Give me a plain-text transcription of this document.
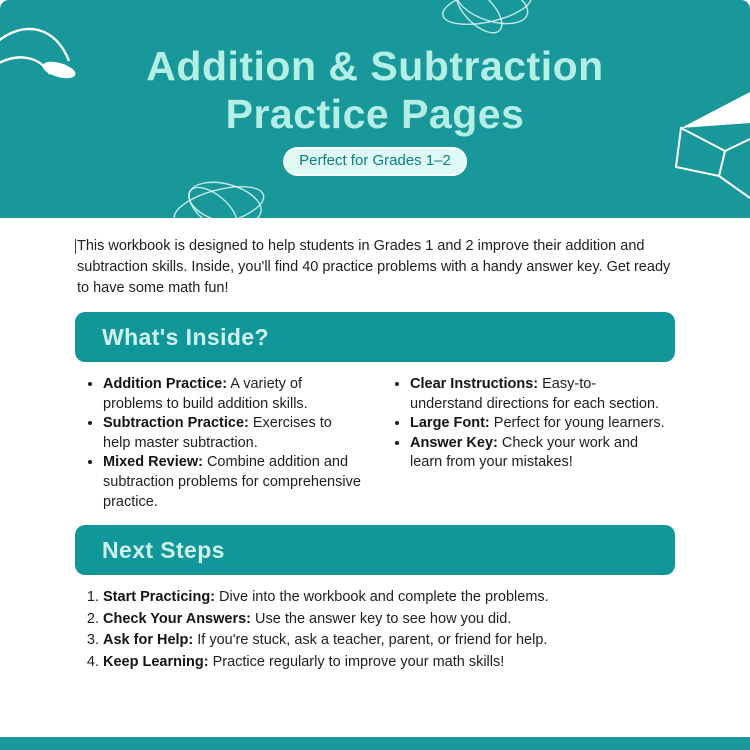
Addition & Subtraction
Practice Pages
Perfect for Grades 1–2

This workbook is designed to help students in Grades 1 and 2 improve their addition and subtraction skills. Inside, you'll find 40 practice problems with a handy answer key. Get ready to have some math fun!

What's Inside?
• Addition Practice: A variety of problems to build addition skills.
• Subtraction Practice: Exercises to help master subtraction.
• Mixed Review: Combine addition and subtraction problems for comprehensive practice.
• Clear Instructions: Easy-to-understand directions for each section.
• Large Font: Perfect for young learners.
• Answer Key: Check your work and learn from your mistakes!
Next Steps
1. Start Practicing: Dive into the workbook and complete the problems.
2. Check Your Answers: Use the answer key to see how you did.
3. Ask for Help: If you're stuck, ask a teacher, parent, or friend for help.
4. Keep Learning: Practice regularly to improve your math skills!
